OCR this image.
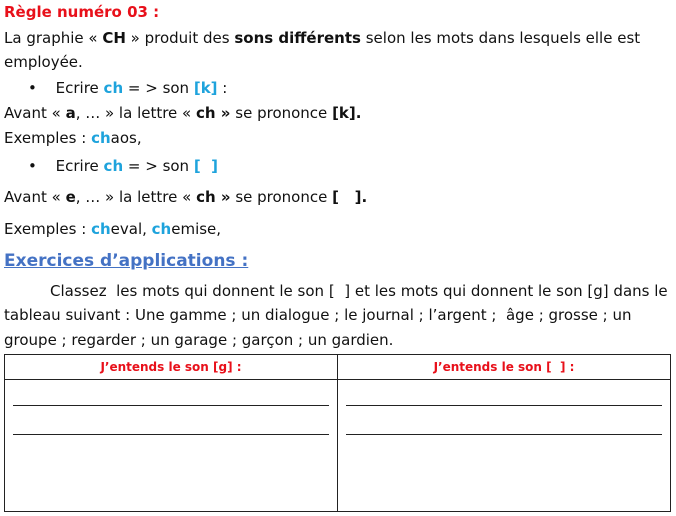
Règle numéro 03 :
La graphie « CH » produit des sons différents selon les mots dans lesquels elle est
employée.
• Ecrire ch = > son [k] :
Avant « a, … » la lettre « ch » se prononce [k].
Exemples : chaos,
• Ecrire ch = > son [  ]
Avant « e, … » la lettre « ch » se prononce [   ].
Exemples : cheval, chemise,
Exercices d’applications :
Classez  les mots qui donnent le son [  ] et les mots qui donnent le son [g] dans le
tableau suivant : Une gamme ; un dialogue ; le journal ; l’argent ;  âge ; grosse ; un
groupe ; regarder ; un garage ; garçon ; un gardien.
J’entends le son [g] :	J’entends le son [  ] :
